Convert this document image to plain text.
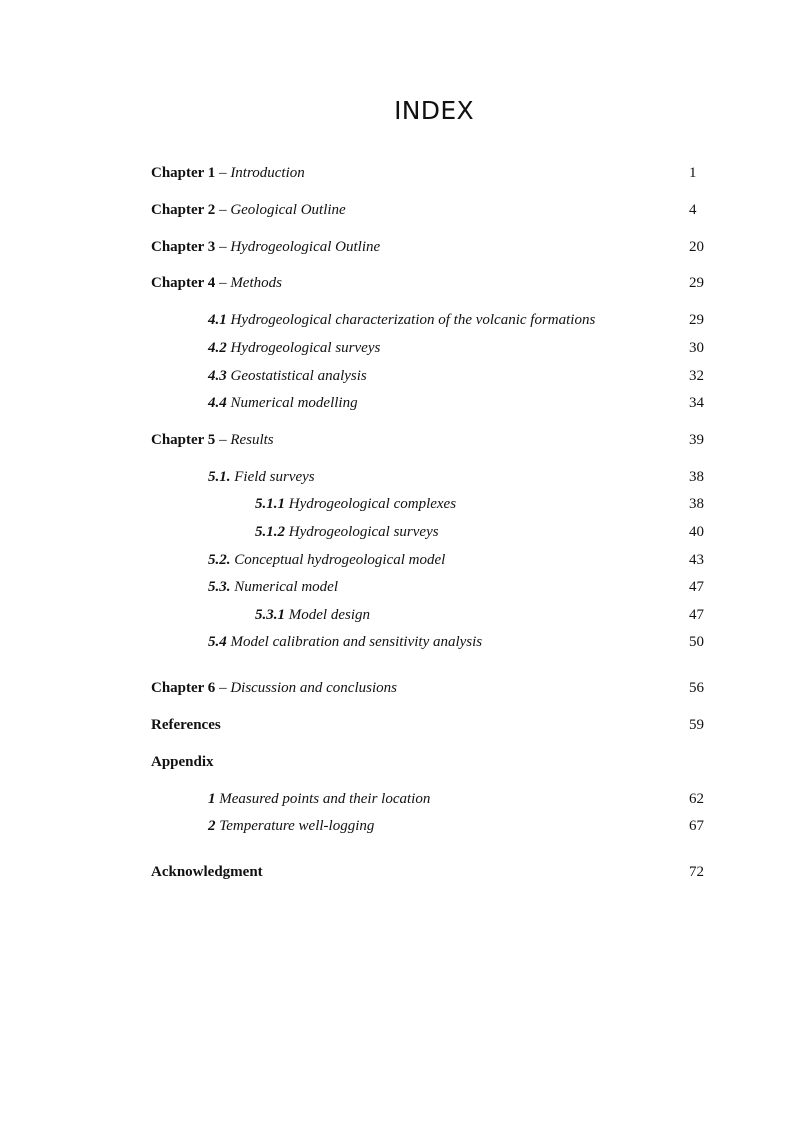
INDEX
Chapter 1 – Introduction	1
Chapter 2 – Geological Outline	4
Chapter 3 – Hydrogeological Outline	20
Chapter 4 – Methods	29
4.1 Hydrogeological characterization of the volcanic formations	29
4.2 Hydrogeological surveys	30
4.3 Geostatistical analysis	32
4.4 Numerical modelling	34
Chapter 5 – Results	39
5.1. Field surveys	38
5.1.1 Hydrogeological complexes	38
5.1.2 Hydrogeological surveys	40
5.2. Conceptual hydrogeological model	43
5.3. Numerical model	47
5.3.1 Model design	47
5.4 Model calibration and sensitivity analysis	50
Chapter 6 – Discussion and conclusions	56
References	59
Appendix
1 Measured points and their location	62
2 Temperature well-logging	67
Acknowledgment	72
